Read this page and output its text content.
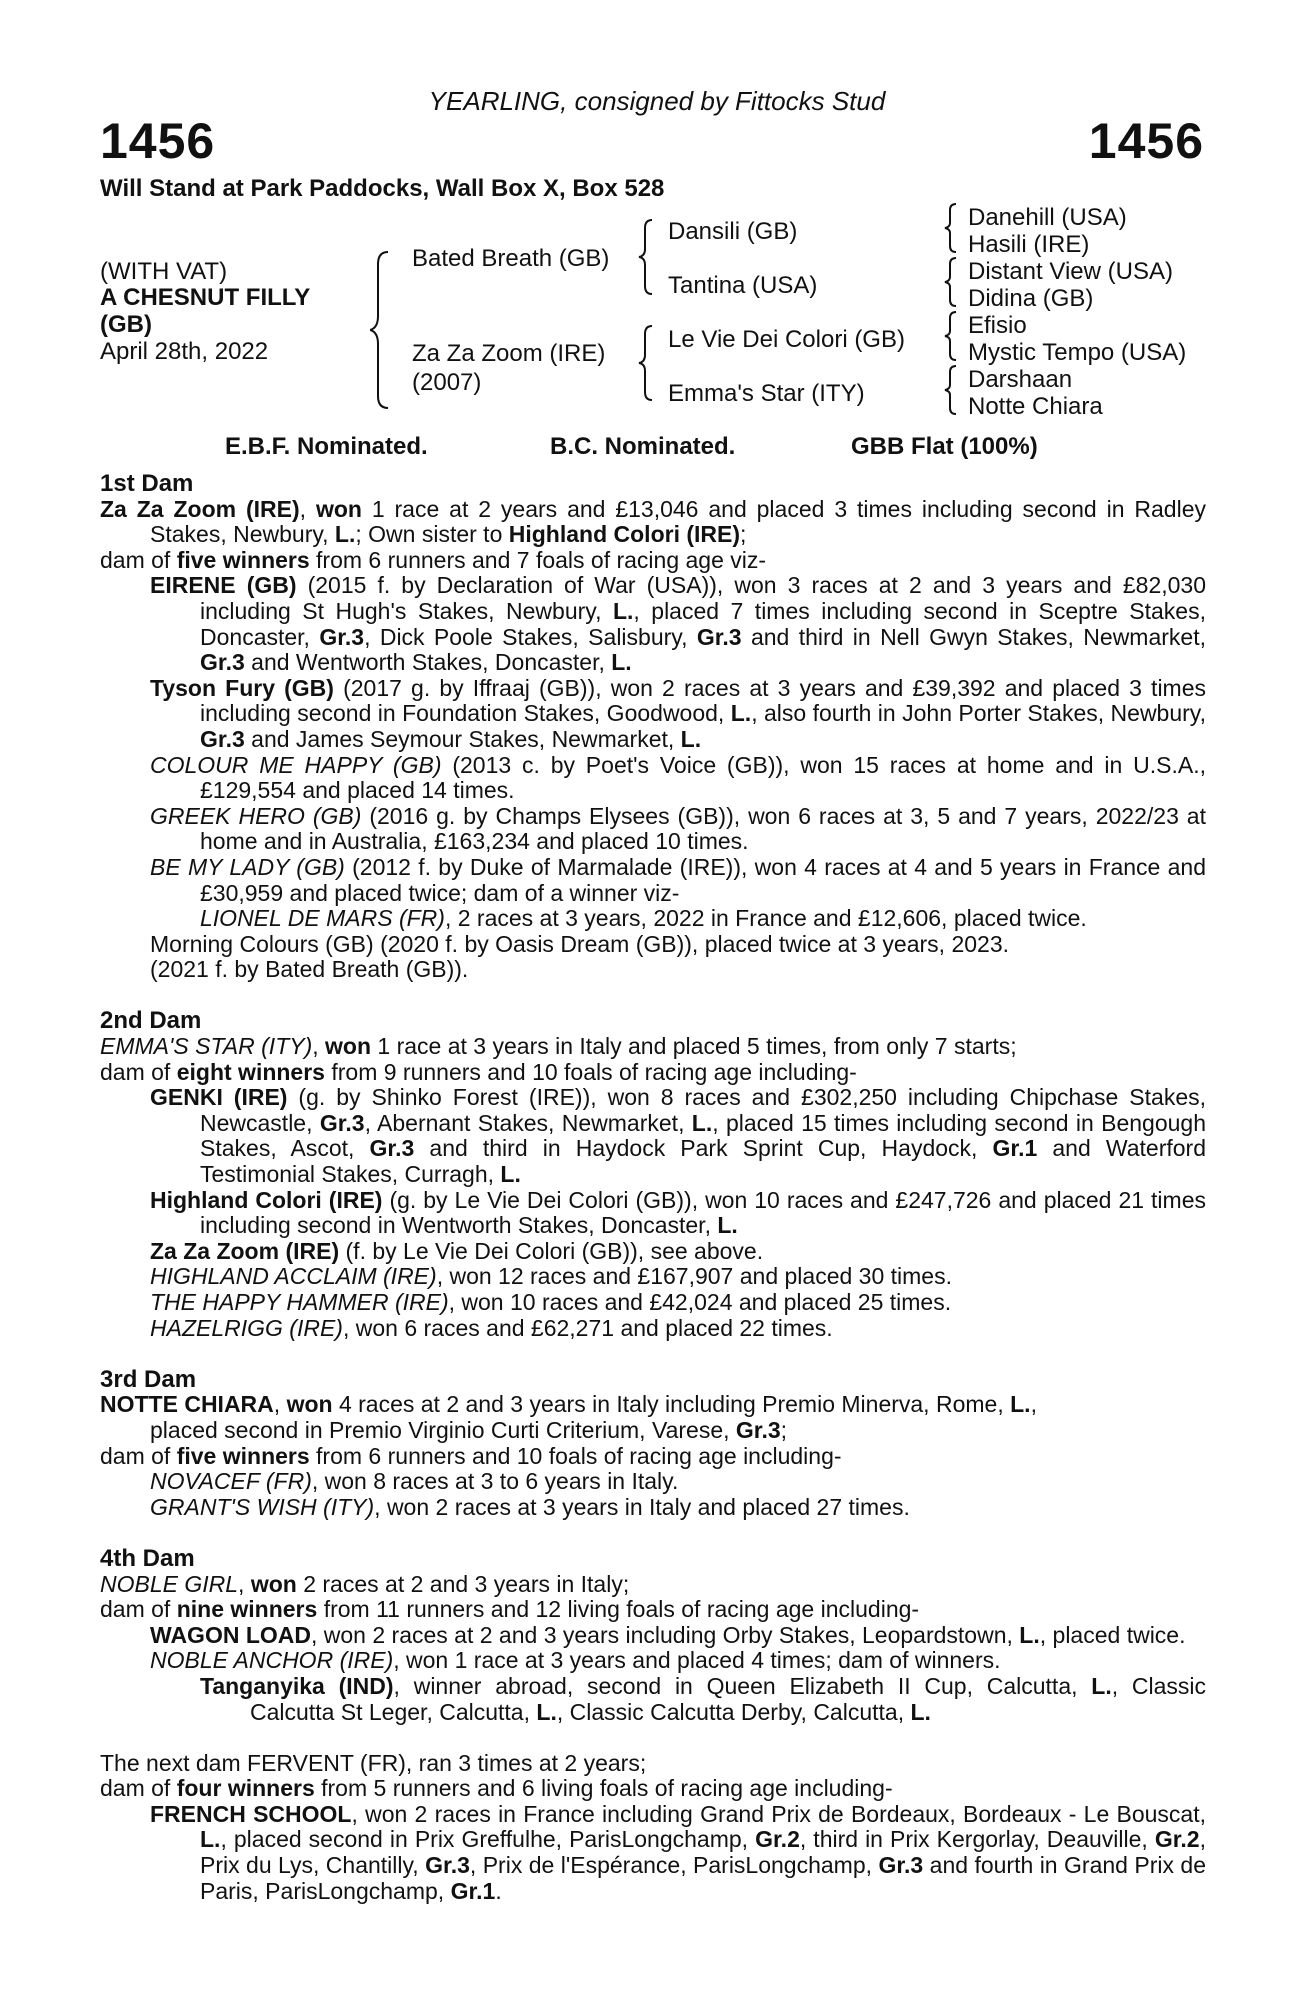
YEARLING, consigned by Fittocks Stud
1456	1456
Will Stand at Park Paddocks, Wall Box X, Box 528
(WITH VAT)
A CHESNUT FILLY
(GB)
April 28th, 2022
Bated Breath (GB)
Za Za Zoom (IRE)
(2007)
Dansili (GB)
Tantina (USA)
Le Vie Dei Colori (GB)
Emma's Star (ITY)
Danehill (USA)
Hasili (IRE)
Distant View (USA)
Didina (GB)
Efisio
Mystic Tempo (USA)
Darshaan
Notte Chiara
E.B.F. Nominated.	B.C. Nominated.	GBB Flat (100%)
1st Dam
Za Za Zoom (IRE), won 1 race at 2 years and £13,046 and placed 3 times including second in Radley Stakes, Newbury, L.; Own sister to Highland Colori (IRE);
dam of five winners from 6 runners and 7 foals of racing age viz-
EIRENE (GB) (2015 f. by Declaration of War (USA)), won 3 races at 2 and 3 years and £82,030 including St Hugh's Stakes, Newbury, L., placed 7 times including second in Sceptre Stakes, Doncaster, Gr.3, Dick Poole Stakes, Salisbury, Gr.3 and third in Nell Gwyn Stakes, Newmarket, Gr.3 and Wentworth Stakes, Doncaster, L.
Tyson Fury (GB) (2017 g. by Iffraaj (GB)), won 2 races at 3 years and £39,392 and placed 3 times including second in Foundation Stakes, Goodwood, L., also fourth in John Porter Stakes, Newbury, Gr.3 and James Seymour Stakes, Newmarket, L.
COLOUR ME HAPPY (GB) (2013 c. by Poet's Voice (GB)), won 15 races at home and in U.S.A., £129,554 and placed 14 times.
GREEK HERO (GB) (2016 g. by Champs Elysees (GB)), won 6 races at 3, 5 and 7 years, 2022/23 at home and in Australia, £163,234 and placed 10 times.
BE MY LADY (GB) (2012 f. by Duke of Marmalade (IRE)), won 4 races at 4 and 5 years in France and £30,959 and placed twice; dam of a winner viz-
LIONEL DE MARS (FR), 2 races at 3 years, 2022 in France and £12,606, placed twice.
Morning Colours (GB) (2020 f. by Oasis Dream (GB)), placed twice at 3 years, 2023.
(2021 f. by Bated Breath (GB)).
2nd Dam
EMMA'S STAR (ITY), won 1 race at 3 years in Italy and placed 5 times, from only 7 starts;
dam of eight winners from 9 runners and 10 foals of racing age including-
GENKI (IRE) (g. by Shinko Forest (IRE)), won 8 races and £302,250 including Chipchase Stakes, Newcastle, Gr.3, Abernant Stakes, Newmarket, L., placed 15 times including second in Bengough Stakes, Ascot, Gr.3 and third in Haydock Park Sprint Cup, Haydock, Gr.1 and Waterford Testimonial Stakes, Curragh, L.
Highland Colori (IRE) (g. by Le Vie Dei Colori (GB)), won 10 races and £247,726 and placed 21 times including second in Wentworth Stakes, Doncaster, L.
Za Za Zoom (IRE) (f. by Le Vie Dei Colori (GB)), see above.
HIGHLAND ACCLAIM (IRE), won 12 races and £167,907 and placed 30 times.
THE HAPPY HAMMER (IRE), won 10 races and £42,024 and placed 25 times.
HAZELRIGG (IRE), won 6 races and £62,271 and placed 22 times.
3rd Dam
NOTTE CHIARA, won 4 races at 2 and 3 years in Italy including Premio Minerva, Rome, L.,
placed second in Premio Virginio Curti Criterium, Varese, Gr.3;
dam of five winners from 6 runners and 10 foals of racing age including-
NOVACEF (FR), won 8 races at 3 to 6 years in Italy.
GRANT'S WISH (ITY), won 2 races at 3 years in Italy and placed 27 times.
4th Dam
NOBLE GIRL, won 2 races at 2 and 3 years in Italy;
dam of nine winners from 11 runners and 12 living foals of racing age including-
WAGON LOAD, won 2 races at 2 and 3 years including Orby Stakes, Leopardstown, L., placed twice.
NOBLE ANCHOR (IRE), won 1 race at 3 years and placed 4 times; dam of winners.
Tanganyika (IND), winner abroad, second in Queen Elizabeth II Cup, Calcutta, L., Classic Calcutta St Leger, Calcutta, L., Classic Calcutta Derby, Calcutta, L.
The next dam FERVENT (FR), ran 3 times at 2 years;
dam of four winners from 5 runners and 6 living foals of racing age including-
FRENCH SCHOOL, won 2 races in France including Grand Prix de Bordeaux, Bordeaux - Le Bouscat, L., placed second in Prix Greffulhe, ParisLongchamp, Gr.2, third in Prix Kergorlay, Deauville, Gr.2, Prix du Lys, Chantilly, Gr.3, Prix de l'Espérance, ParisLongchamp, Gr.3 and fourth in Grand Prix de Paris, ParisLongchamp, Gr.1.
